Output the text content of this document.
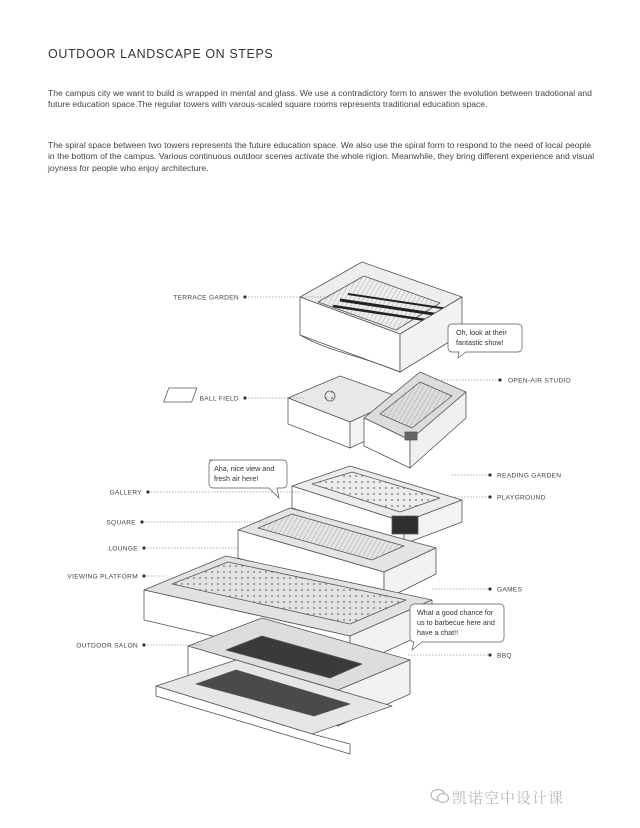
OUTDOOR LANDSCAPE ON STEPS
The campus city we want to build is wrapped in mental and glass. We use a contradictory form to answer the evolution between tradotional and future education space.The regular towers with varous-scaled square rooms represents traditional education space.
The spiral space between two towers represents the future education space. We also use the spiral form to respond to the need of local people in the bottom of the campus. Various continuous outdoor scenes activate the whole rigion. Meanwhile, they bring different experience and visual joyness for people who enjoy architecture.
TERRACE GARDEN
BALL FIELD
GALLERY
SQUARE
LOUNGE
VIEWING PLATFORM
OUTDOOR SALON
OPEN-AIR STUDIO
READING GARDEN
PLAYGROUND
GAMES
BBQ
Oh, look at their
fantastic show!
Aha, nice view and
fresh air here!
What a good chance for
us to barbecue here and
have a chat!!
凯诺空中设计课
